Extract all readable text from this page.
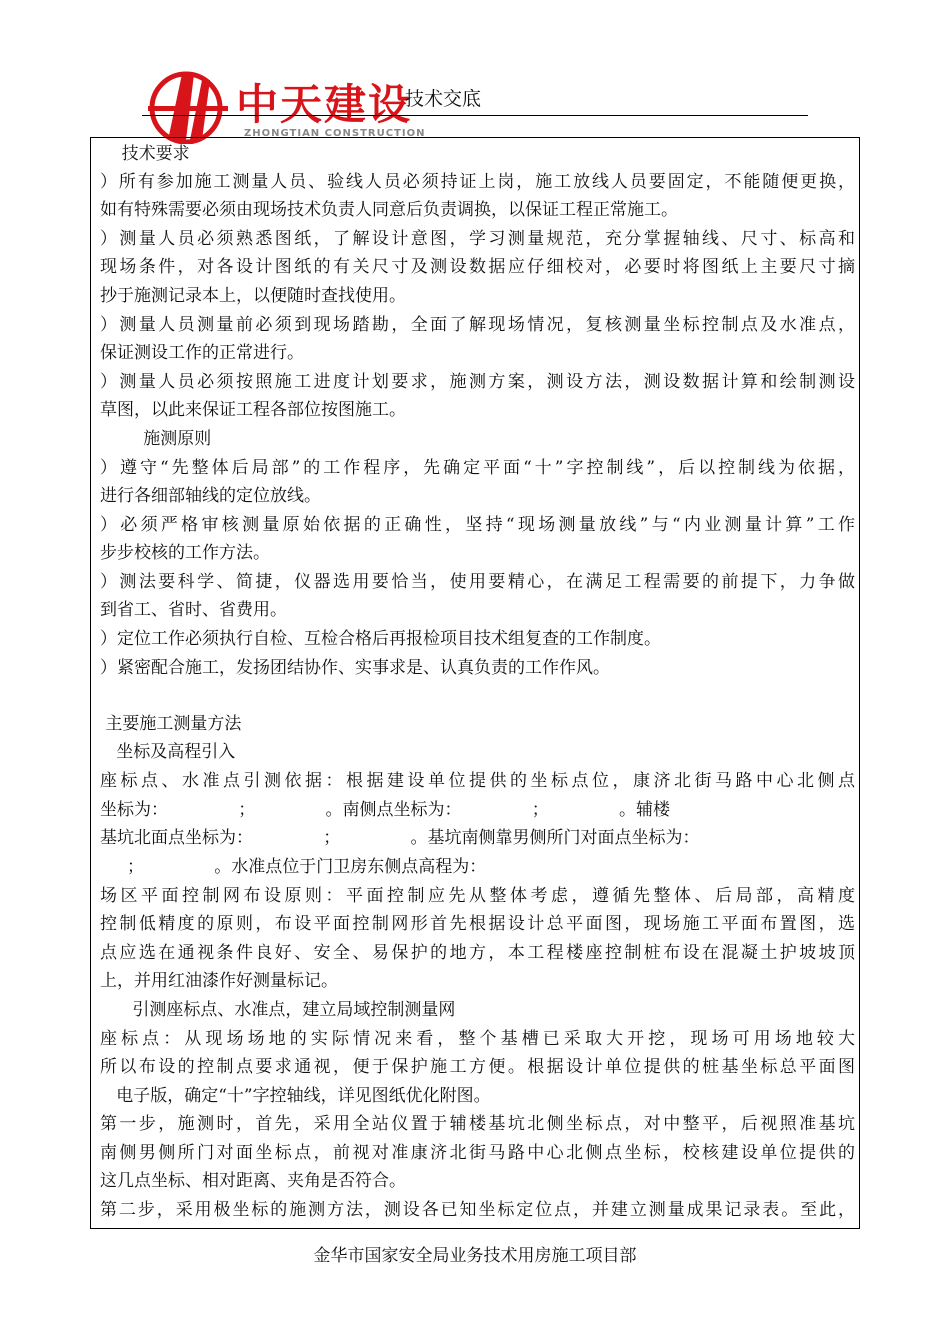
中天建设
ZHONGTIAN CONSTRUCTION
技术交底
技术要求
）所有参加施工测量人员、验线人员必须持证上岗，施工放线人员要固定，不能随便更换，
如有特殊需要必须由现场技术负责人同意后负责调换，以保证工程正常施工。
）测量人员必须熟悉图纸，了解设计意图，学习测量规范，充分掌握轴线、尺寸、标高和
现场条件，对各设计图纸的有关尺寸及测设数据应仔细校对，必要时将图纸上主要尺寸摘
抄于施测记录本上，以便随时查找使用。
）测量人员测量前必须到现场踏勘，全面了解现场情况，复核测量坐标控制点及水准点，
保证测设工作的正常进行。
）测量人员必须按照施工进度计划要求，施测方案，测设方法，测设数据计算和绘制测设
草图，以此来保证工程各部位按图施工。
施测原则
）遵守“先整体后局部”的工作程序，先确定平面“十”字控制线”，后以控制线为依据，
进行各细部轴线的定位放线。
）必须严格审核测量原始依据的正确性，坚持“现场测量放线”与“内业测量计算”工作
步步校核的工作方法。
）测法要科学、简捷，仪器选用要恰当，使用要精心，在满足工程需要的前提下，力争做
到省工、省时、省费用。
）定位工作必须执行自检、互检合格后再报检项目技术组复查的工作制度。
）紧密配合施工，发扬团结协作、实事求是、认真负责的工作作风。
主要施工测量方法
坐标及高程引入
座标点、水准点引测依据：根据建设单位提供的坐标点位，康济北街马路中心北侧点
坐标为：             ；             。南侧点坐标为：             ；             。辅楼
基坑北面点坐标为：             ；             。基坑南侧靠男侧所门对面点坐标为：
；             。水准点位于门卫房东侧点高程为：
场区平面控制网布设原则：平面控制应先从整体考虑，遵循先整体、后局部，高精度
控制低精度的原则，布设平面控制网形首先根据设计总平面图，现场施工平面布置图，选
点应选在通视条件良好、安全、易保护的地方，本工程楼座控制桩布设在混凝土护坡坡顶
上，并用红油漆作好测量标记。
引测座标点、水准点，建立局域控制测量网
座标点：从现场场地的实际情况来看，整个基槽已采取大开挖，现场可用场地较大
所以布设的控制点要求通视，便于保护施工方便。根据设计单位提供的桩基坐标总平面图
电子版，确定“十”字控轴线，详见图纸优化附图。
第一步，施测时，首先，采用全站仪置于辅楼基坑北侧坐标点，对中整平，后视照准基坑
南侧男侧所门对面坐标点，前视对准康济北街马路中心北侧点坐标，校核建设单位提供的
这几点坐标、相对距离、夹角是否符合。
第二步，采用极坐标的施测方法，测设各已知坐标定位点，并建立测量成果记录表。至此，
金华市国家安全局业务技术用房施工项目部
